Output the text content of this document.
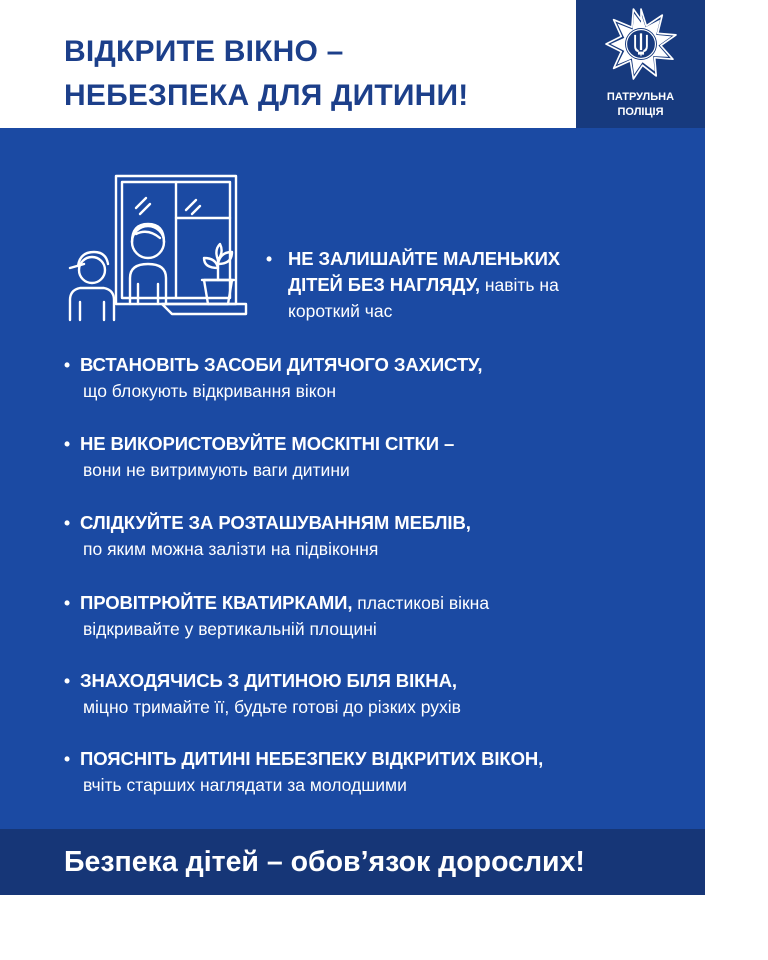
ВІДКРИТЕ ВІКНО –
НЕБЕЗПЕКА ДЛЯ ДИТИНИ!	ПАТРУЛЬНА
ПОЛІЦІЯ
• НЕ ЗАЛИШАЙТЕ МАЛЕНЬКИХ
ДІТЕЙ БЕЗ НАГЛЯДУ, навіть на
короткий час
• ВСТАНОВІТЬ ЗАСОБИ ДИТЯЧОГО ЗАХИСТУ,
що блокують відкривання вікон
• НЕ ВИКОРИСТОВУЙТЕ МОСКІТНІ СІТКИ –
вони не витримують ваги дитини
• СЛІДКУЙТЕ ЗА РОЗТАШУВАННЯМ МЕБЛІВ,
по яким можна залізти на підвіконня
• ПРОВІТРЮЙТЕ КВАТИРКАМИ, пластикові вікна
відкривайте у вертикальній площині
• ЗНАХОДЯЧИСЬ З ДИТИНОЮ БІЛЯ ВІКНА,
міцно тримайте її, будьте готові до різких рухів
• ПОЯСНІТЬ ДИТИНІ НЕБЕЗПЕКУ ВІДКРИТИХ ВІКОН,
вчіть старших наглядати за молодшими
Безпека дітей – обов’язок дорослих!
